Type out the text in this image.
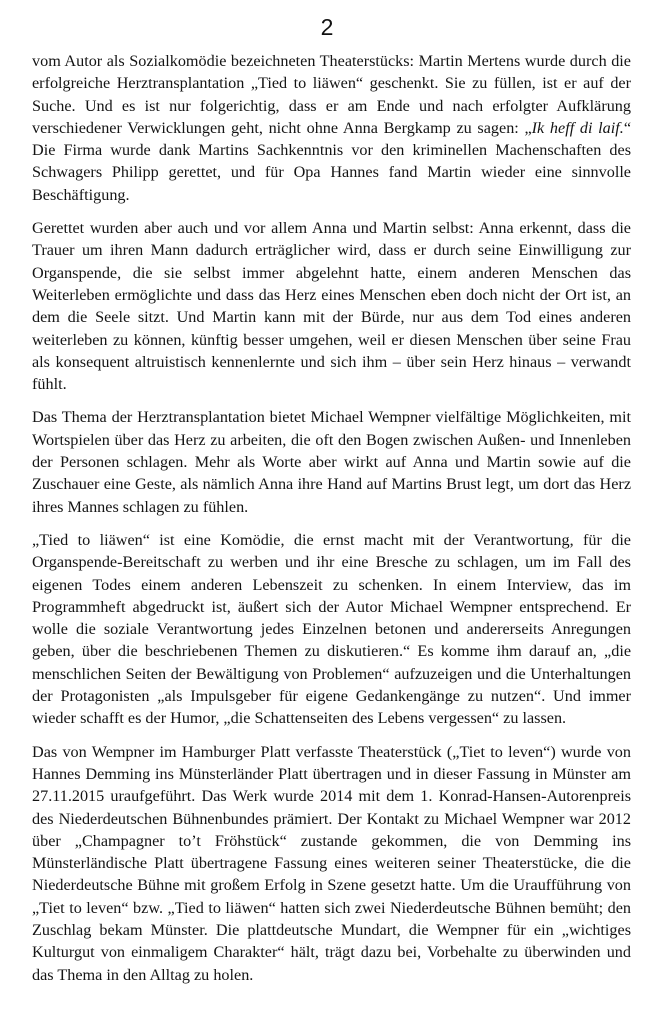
2

vom Autor als Sozialkomödie bezeichneten Theaterstücks: Martin Mertens wurde durch die erfolgreiche Herztransplantation „Tied to liäwen“ geschenkt. Sie zu füllen, ist er auf der Suche. Und es ist nur folgerichtig, dass er am Ende und nach erfolgter Aufklärung verschiedener Verwicklungen geht, nicht ohne Anna Bergkamp zu sagen: „Ik heff di laif.“ Die Firma wurde dank Martins Sachkenntnis vor den kriminellen Machenschaften des Schwagers Philipp gerettet, und für Opa Hannes fand Martin wieder eine sinnvolle Beschäftigung.

Gerettet wurden aber auch und vor allem Anna und Martin selbst: Anna erkennt, dass die Trauer um ihren Mann dadurch erträglicher wird, dass er durch seine Einwilligung zur Organspende, die sie selbst immer abgelehnt hatte, einem anderen Menschen das Weiterleben ermöglichte und dass das Herz eines Menschen eben doch nicht der Ort ist, an dem die Seele sitzt. Und Martin kann mit der Bürde, nur aus dem Tod eines anderen weiterleben zu können, künftig besser umgehen, weil er diesen Menschen über seine Frau als konsequent altruistisch kennenlernte und sich ihm – über sein Herz hinaus – verwandt fühlt.

Das Thema der Herztransplantation bietet Michael Wempner vielfältige Möglichkeiten, mit Wortspielen über das Herz zu arbeiten, die oft den Bogen zwischen Außen- und Innenleben der Personen schlagen. Mehr als Worte aber wirkt auf Anna und Martin sowie auf die Zuschauer eine Geste, als nämlich Anna ihre Hand auf Martins Brust legt, um dort das Herz ihres Mannes schlagen zu fühlen.

„Tied to liäwen“ ist eine Komödie, die ernst macht mit der Verantwortung, für die Organspende-Bereitschaft zu werben und ihr eine Bresche zu schlagen, um im Fall des eigenen Todes einem anderen Lebenszeit zu schenken. In einem Interview, das im Programmheft abgedruckt ist, äußert sich der Autor Michael Wempner entsprechend. Er wolle die soziale Verantwortung jedes Einzelnen betonen und andererseits Anregungen geben, über die beschriebenen Themen zu diskutieren.“ Es komme ihm darauf an, „die menschlichen Seiten der Bewältigung von Problemen“ aufzuzeigen und die Unterhaltungen der Protagonisten „als Impulsgeber für eigene Gedankengänge zu nutzen“. Und immer wieder schafft es der Humor, „die Schattenseiten des Lebens vergessen“ zu lassen.

Das von Wempner im Hamburger Platt verfasste Theaterstück („Tiet to leven“) wurde von Hannes Demming ins Münsterländer Platt übertragen und in dieser Fassung in Münster am 27.11.2015 uraufgeführt. Das Werk wurde 2014 mit dem 1. Konrad-Hansen-Autorenpreis des Niederdeutschen Bühnenbundes prämiert. Der Kontakt zu Michael Wempner war 2012 über „Champagner to’t Fröhstück“ zustande gekommen, die von Demming ins Münsterländische Platt übertragene Fassung eines weiteren seiner Theaterstücke, die die Niederdeutsche Bühne mit großem Erfolg in Szene gesetzt hatte. Um die Uraufführung von „Tiet to leven“ bzw. „Tied to liäwen“ hatten sich zwei Niederdeutsche Bühnen bemüht; den Zuschlag bekam Münster. Die plattdeutsche Mundart, die Wempner für ein „wichtiges Kulturgut von einmaligem Charakter“ hält, trägt dazu bei, Vorbehalte zu überwinden und das Thema in den Alltag zu holen.
